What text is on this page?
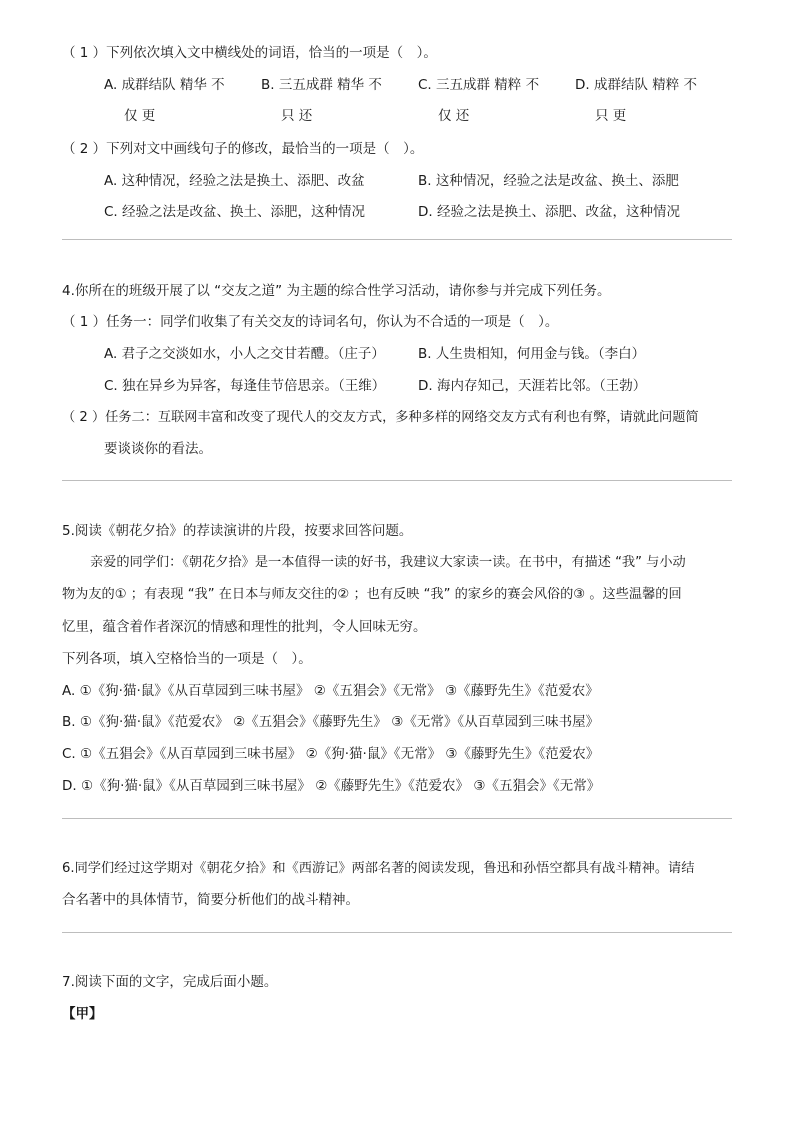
（ 1 ）下列依次填入文中横线处的词语，恰当的一项是（　）。
A. 成群结队 精华 不	B. 三五成群 精华 不	C. 三五成群 精粹 不	D. 成群结队 精粹 不
仅 更	只 还	仅 还	只 更
（ 2 ）下列对文中画线句子的修改，最恰当的一项是（　）。
A. 这种情况，经验之法是换土、添肥、改盆	B. 这种情况，经验之法是改盆、换土、添肥
C. 经验之法是改盆、换土、添肥，这种情况	D. 经验之法是换土、添肥、改盆，这种情况
4.你所在的班级开展了以 “交友之道” 为主题的综合性学习活动，请你参与并完成下列任务。
（ 1 ）任务一：同学们收集了有关交友的诗词名句，你认为不合适的一项是（　）。
A. 君子之交淡如水，小人之交甘若醴。（庄子） B. 人生贵相知，何用金与钱。（李白）
C. 独在异乡为异客，每逢佳节倍思亲。（王维） D. 海内存知己，天涯若比邻。（王勃）
（ 2 ）任务二：互联网丰富和改变了现代人的交友方式，多种多样的网络交友方式有利也有弊，请就此问题简
要谈谈你的看法。
5.阅读《朝花夕拾》的荐读演讲的片段，按要求回答问题。
亲爱的同学们：《朝花夕拾》是一本值得一读的好书，我建议大家读一读。在书中，有描述 “我” 与小动
物为友的① ；有表现 “我” 在日本与师友交往的② ；也有反映 “我” 的家乡的赛会风俗的③ 。这些温馨的回
忆里，蕴含着作者深沉的情感和理性的批判，令人回味无穷。
下列各项，填入空格恰当的一项是（　）。
A. ①《狗·猫·鼠》《从百草园到三味书屋》 ②《五猖会》《无常》 ③《藤野先生》《范爱农》
B. ①《狗·猫·鼠》《范爱农》 ②《五猖会》《藤野先生》 ③《无常》《从百草园到三味书屋》
C. ①《五猖会》《从百草园到三味书屋》 ②《狗·猫·鼠》《无常》 ③《藤野先生》《范爱农》
D. ①《狗·猫·鼠》《从百草园到三味书屋》 ②《藤野先生》《范爱农》 ③《五猖会》《无常》
6.同学们经过这学期对《朝花夕拾》和《西游记》两部名著的阅读发现，鲁迅和孙悟空都具有战斗精神。请结
合名著中的具体情节，简要分析他们的战斗精神。
7.阅读下面的文字，完成后面小题。
【甲】
